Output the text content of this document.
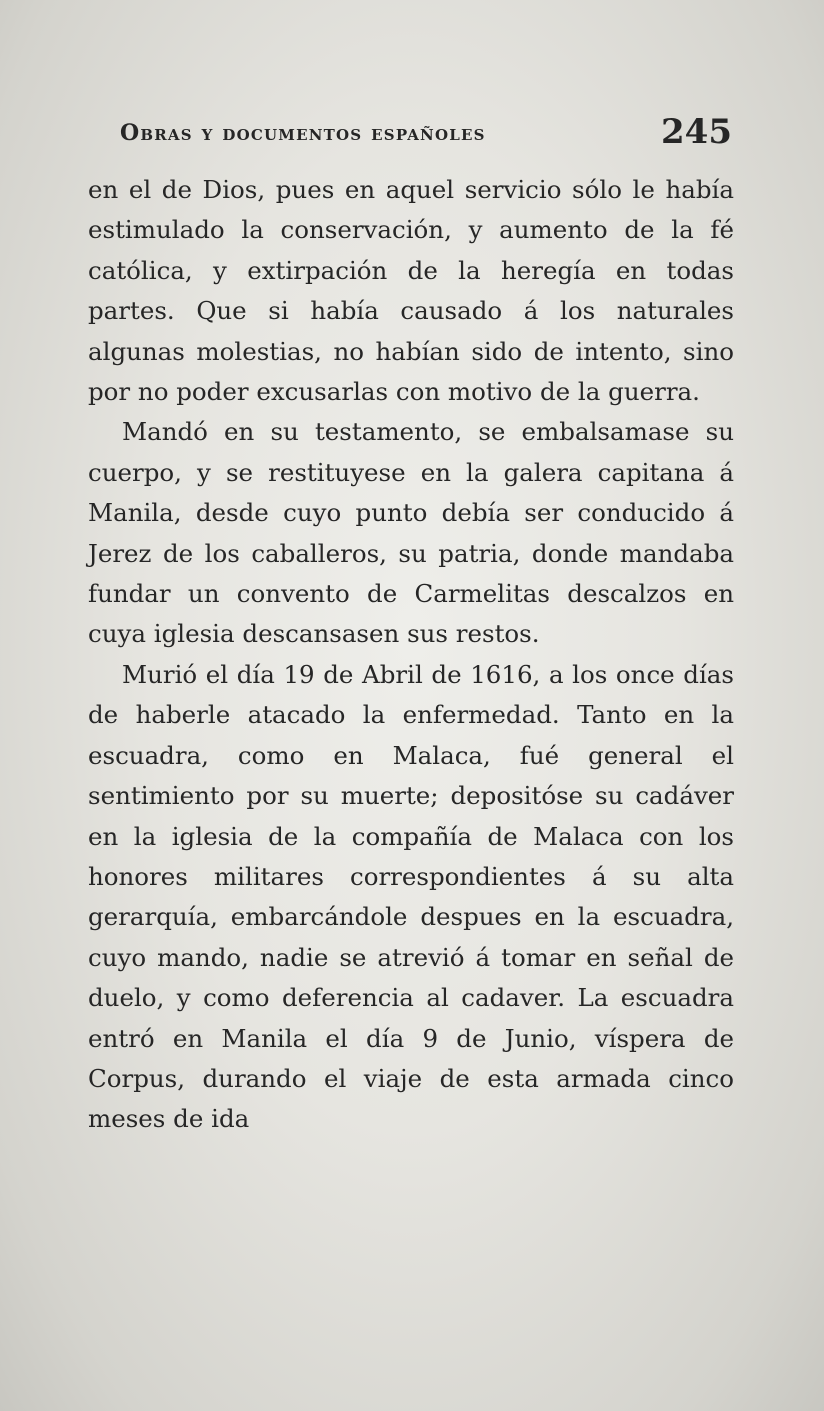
Obras y documentos españoles	245

en el de Dios, pues en aquel servicio sólo le había estimulado la conservación, y aumento de la fé católica, y extirpación de la heregía en todas partes. Que si había causado á los naturales algunas molestias, no habían sido de intento, sino por no poder excusarlas con motivo de la guerra.

Mandó en su testamento, se embalsamase su cuerpo, y se restituyese en la galera capitana á Manila, desde cuyo punto debía ser conducido á Jerez de los caballeros, su patria, donde mandaba fundar un convento de Carmelitas descalzos en cuya iglesia descansasen sus restos.

Murió el día 19 de Abril de 1616, a los once días de haberle atacado la enfermedad. Tanto en la escuadra, como en Malaca, fué general el sentimiento por su muerte; depositóse su cadáver en la iglesia de la compañía de Malaca con los honores militares correspondientes á su alta gerarquía, embarcándole despues en la escuadra, cuyo mando, nadie se atrevió á tomar en señal de duelo, y como deferencia al cadaver. La escuadra entró en Manila el día 9 de Junio, víspera de Corpus, durando el viaje de esta armada cinco meses de ida
